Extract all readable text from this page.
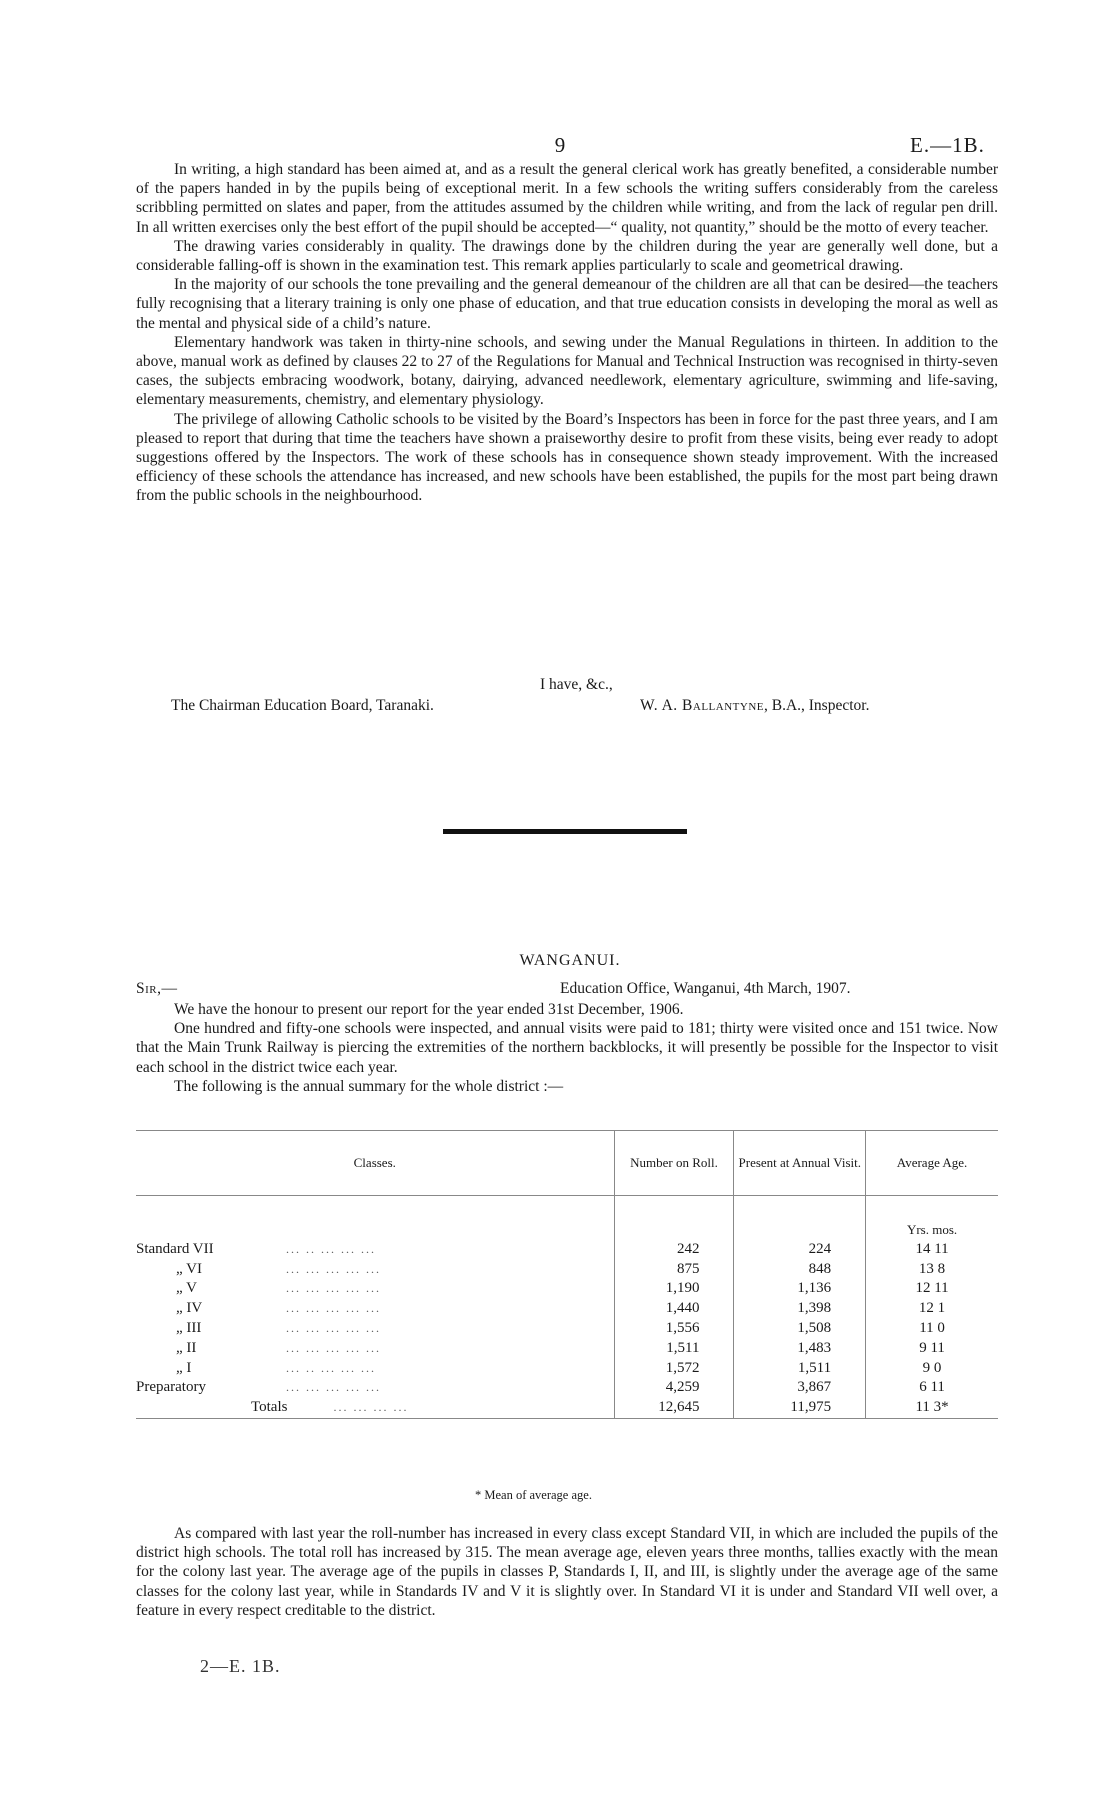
9	E.—1B.

In writing, a high standard has been aimed at, and as a result the general clerical work has greatly benefited, a considerable number of the papers handed in by the pupils being of exceptional merit. In a few schools the writing suffers considerably from the careless scribbling permitted on slates and paper, from the attitudes assumed by the children while writing, and from the lack of regular pen drill. In all written exercises only the best effort of the pupil should be accepted—“ quality, not quantity,” should be the motto of every teacher.

The drawing varies considerably in quality. The drawings done by the children during the year are generally well done, but a considerable falling-off is shown in the examination test. This remark applies particularly to scale and geometrical drawing.

In the majority of our schools the tone prevailing and the general demeanour of the children are all that can be desired—the teachers fully recognising that a literary training is only one phase of education, and that true education consists in developing the moral as well as the mental and physical side of a child’s nature.

Elementary handwork was taken in thirty-nine schools, and sewing under the Manual Regulations in thirteen. In addition to the above, manual work as defined by clauses 22 to 27 of the Regulations for Manual and Technical Instruction was recognised in thirty-seven cases, the subjects embracing woodwork, botany, dairying, advanced needlework, elementary agriculture, swimming and life-saving, elementary measurements, chemistry, and elementary physiology.

The privilege of allowing Catholic schools to be visited by the Board’s Inspectors has been in force for the past three years, and I am pleased to report that during that time the teachers have shown a praiseworthy desire to profit from these visits, being ever ready to adopt suggestions offered by the Inspectors. The work of these schools has in consequence shown steady improvement. With the increased efficiency of these schools the attendance has increased, and new schools have been established, the pupils for the most part being drawn from the public schools in the neighbourhood.

I have, &c.,
The Chairman Education Board, Taranaki.	W. A. Ballantyne, B.A., Inspector.
WANGANUI.
Sir,—	Education Office, Wanganui, 4th March, 1907.

We have the honour to present our report for the year ended 31st December, 1906.

One hundred and fifty-one schools were inspected, and annual visits were paid to 181; thirty were visited once and 151 twice. Now that the Main Trunk Railway is piercing the extremities of the northern backblocks, it will presently be possible for the Inspector to visit each school in the district twice each year.

The following is the annual summary for the whole district :—

Classes.	Number on Roll.	Present at Annual Visit.	Average Age.

			Yrs. mos.
Standard VII ... .. ... ... ...	242	224	14 11
„ VI ... ... ... ... ...	875	848	13 8
„ V ... ... ... ... ...	1,190	1,136	12 11
„ IV ... ... ... ... ...	1,440	1,398	12 1
„ III ... ... ... ... ...	1,556	1,508	11 0
„ II ... ... ... ... ...	1,511	1,483	9 11
„ I ... .. ... ... ...	1,572	1,511	9 0
Preparatory ... ... ... ... ...	4,259	3,867	6 11
Totals ... ... ... ...	12,645	11,975	11 3*
* Mean of average age.

As compared with last year the roll-number has increased in every class except Standard VII, in which are included the pupils of the district high schools. The total roll has increased by 315. The mean average age, eleven years three months, tallies exactly with the mean for the colony last year. The average age of the pupils in classes P, Standards I, II, and III, is slightly under the average age of the same classes for the colony last year, while in Standards IV and V it is slightly over. In Standard VI it is under and Standard VII well over, a feature in every respect creditable to the district.

2—E. 1B.
